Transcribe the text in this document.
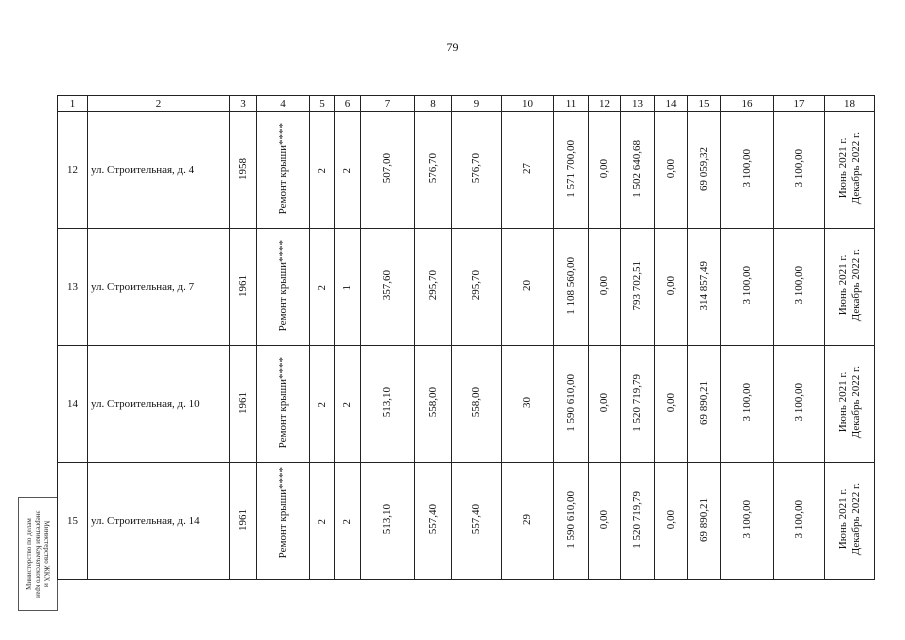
79
Министерство по делам энергетики Камчатского края Министерство ЖКХ и
1	2	3	4	5	6	7	8	9	10	11	12	13	14	15	16	17	18
12	ул. Строительная, д. 4	1958	Ремонт крыши****	2	2	507,00	576,70	576,70	27	1 571 700,00	0,00	1 502 640,68	0,00	69 059,32	3 100,00	3 100,00	Июнь 2021 г.
Декабрь 2022 г.
13	ул. Строительная, д. 7	1961	Ремонт крыши****	2	1	357,60	295,70	295,70	20	1 108 560,00	0,00	793 702,51	0,00	314 857,49	3 100,00	3 100,00	Июнь 2021 г.
Декабрь 2022 г.
14	ул. Строительная, д. 10	1961	Ремонт крыши****	2	2	513,10	558,00	558,00	30	1 590 610,00	0,00	1 520 719,79	0,00	69 890,21	3 100,00	3 100,00	Июнь 2021 г.
Декабрь 2022 г.
15	ул. Строительная, д. 14	1961	Ремонт крыши****	2	2	513,10	557,40	557,40	29	1 590 610,00	0,00	1 520 719,79	0,00	69 890,21	3 100,00	3 100,00	Июнь 2021 г.
Декабрь 2022 г.
